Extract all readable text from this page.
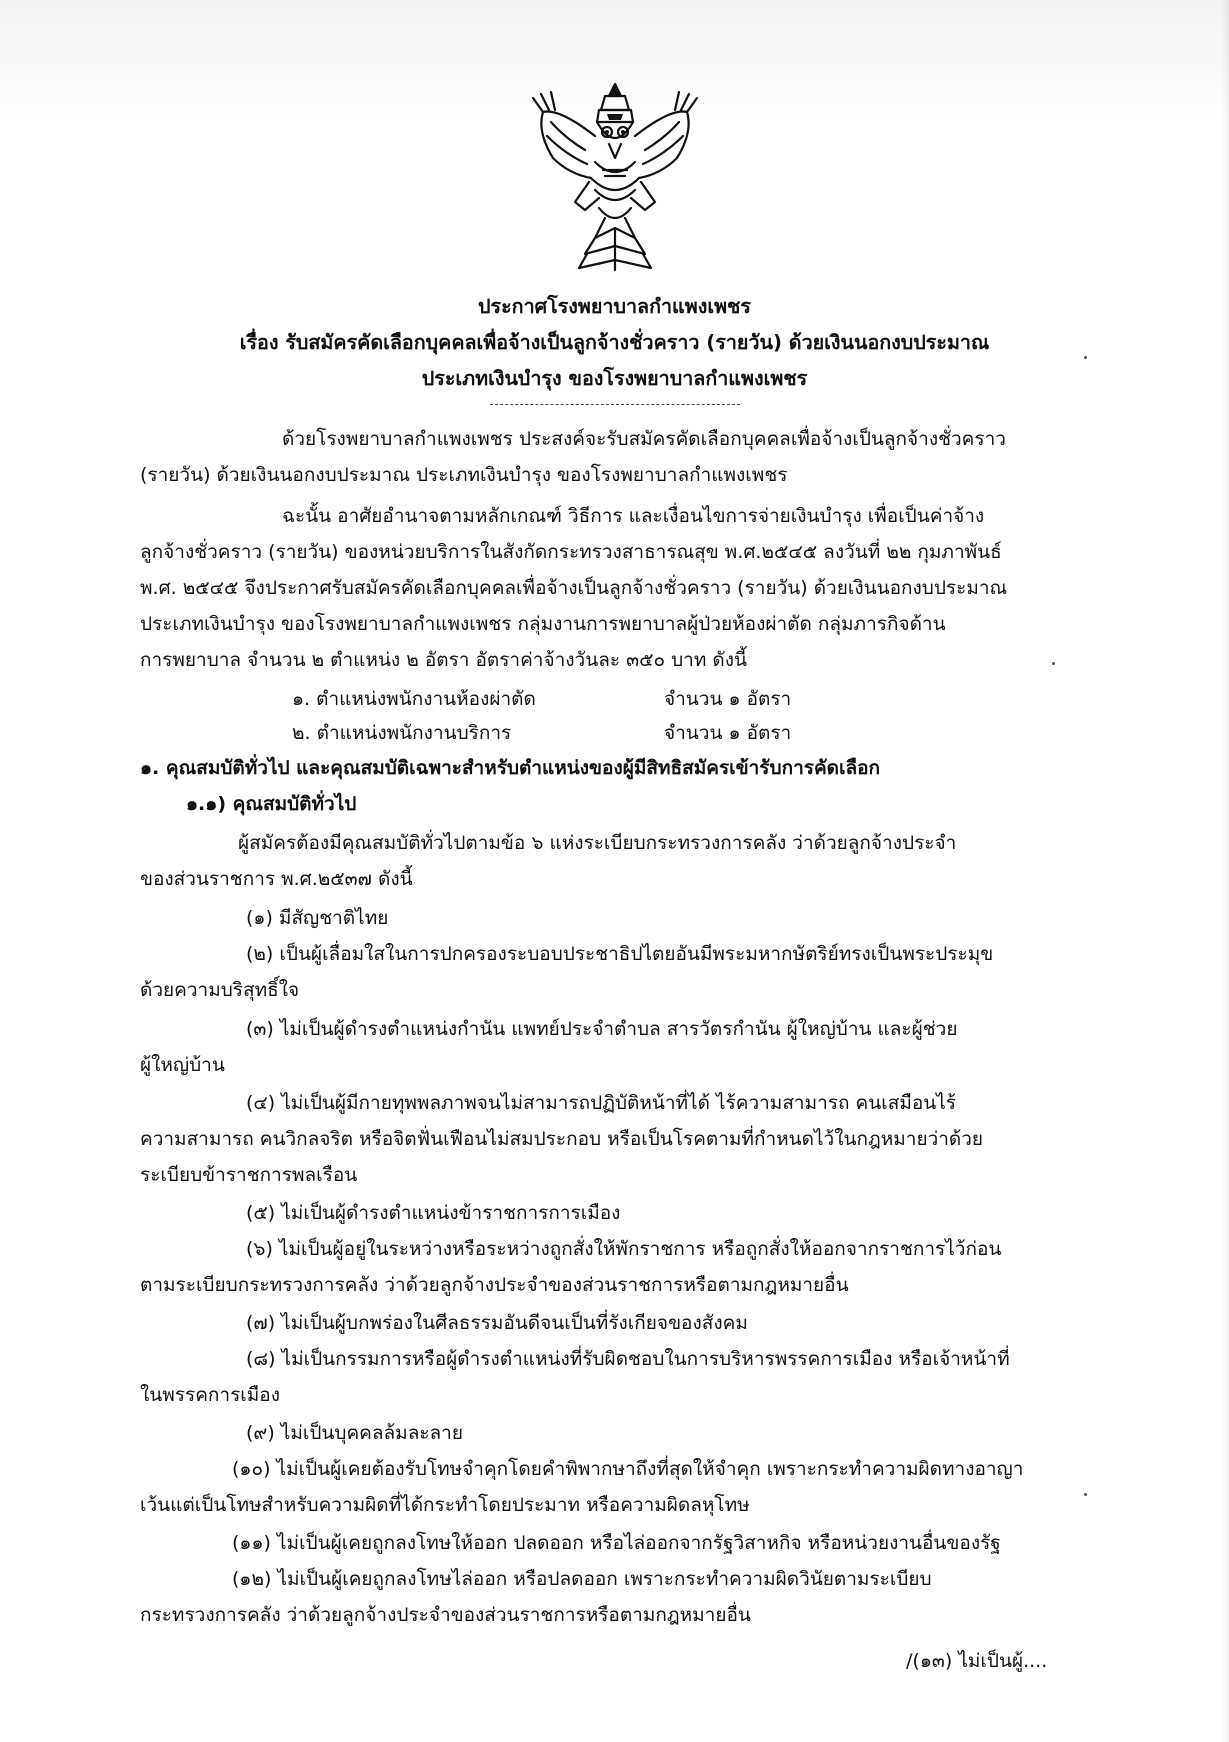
ประกาศโรงพยาบาลกำแพงเพชร
เรื่อง รับสมัครคัดเลือกบุคคลเพื่อจ้างเป็นลูกจ้างชั่วคราว (รายวัน) ด้วยเงินนอกงบประมาณ
ประเภทเงินบำรุง ของโรงพยาบาลกำแพงเพชร
ด้วยโรงพยาบาลกำแพงเพชร ประสงค์จะรับสมัครคัดเลือกบุคคลเพื่อจ้างเป็นลูกจ้างชั่วคราว
(รายวัน) ด้วยเงินนอกงบประมาณ ประเภทเงินบำรุง ของโรงพยาบาลกำแพงเพชร
ฉะนั้น อาศัยอำนาจตามหลักเกณฑ์ วิธีการ และเงื่อนไขการจ่ายเงินบำรุง เพื่อเป็นค่าจ้าง
ลูกจ้างชั่วคราว (รายวัน) ของหน่วยบริการในสังกัดกระทรวงสาธารณสุข พ.ศ.๒๕๔๕ ลงวันที่ ๒๒ กุมภาพันธ์
พ.ศ. ๒๕๔๕ จึงประกาศรับสมัครคัดเลือกบุคคลเพื่อจ้างเป็นลูกจ้างชั่วคราว (รายวัน) ด้วยเงินนอกงบประมาณ
ประเภทเงินบำรุง ของโรงพยาบาลกำแพงเพชร กลุ่มงานการพยาบาลผู้ป่วยห้องผ่าตัด กลุ่มภารกิจด้าน
การพยาบาล จำนวน ๒ ตำแหน่ง ๒ อัตรา อัตราค่าจ้างวันละ ๓๕๐ บาท ดังนี้
๑. ตำแหน่งพนักงานห้องผ่าตัด	จำนวน ๑ อัตรา
๒. ตำแหน่งพนักงานบริการ	จำนวน ๑ อัตรา
๑. คุณสมบัติทั่วไป และคุณสมบัติเฉพาะสำหรับตำแหน่งของผู้มีสิทธิสมัครเข้ารับการคัดเลือก
๑.๑) คุณสมบัติทั่วไป
ผู้สมัครต้องมีคุณสมบัติทั่วไปตามข้อ ๖ แห่งระเบียบกระทรวงการคลัง ว่าด้วยลูกจ้างประจำ
ของส่วนราชการ พ.ศ.๒๕๓๗ ดังนี้
(๑) มีสัญชาติไทย
(๒) เป็นผู้เลื่อมใสในการปกครองระบอบประชาธิปไตยอันมีพระมหากษัตริย์ทรงเป็นพระประมุข
ด้วยความบริสุทธิ์ใจ
(๓) ไม่เป็นผู้ดำรงตำแหน่งกำนัน แพทย์ประจำตำบล สารวัตรกำนัน ผู้ใหญ่บ้าน และผู้ช่วย
ผู้ใหญ่บ้าน
(๔) ไม่เป็นผู้มีกายทุพพลภาพจนไม่สามารถปฏิบัติหน้าที่ได้ ไร้ความสามารถ คนเสมือนไร้
ความสามารถ คนวิกลจริต หรือจิตฟั่นเฟือนไม่สมประกอบ หรือเป็นโรคตามที่กำหนดไว้ในกฎหมายว่าด้วย
ระเบียบข้าราชการพลเรือน
(๕) ไม่เป็นผู้ดำรงตำแหน่งข้าราชการการเมือง
(๖) ไม่เป็นผู้อยู่ในระหว่างหรือระหว่างถูกสั่งให้พักราชการ หรือถูกสั่งให้ออกจากราชการไว้ก่อน
ตามระเบียบกระทรวงการคลัง ว่าด้วยลูกจ้างประจำของส่วนราชการหรือตามกฎหมายอื่น
(๗) ไม่เป็นผู้บกพร่องในศีลธรรมอันดีจนเป็นที่รังเกียจของสังคม
(๘) ไม่เป็นกรรมการหรือผู้ดำรงตำแหน่งที่รับผิดชอบในการบริหารพรรคการเมือง หรือเจ้าหน้าที่
ในพรรคการเมือง
(๙) ไม่เป็นบุคคลล้มละลาย
(๑๐) ไม่เป็นผู้เคยต้องรับโทษจำคุกโดยคำพิพากษาถึงที่สุดให้จำคุก เพราะกระทำความผิดทางอาญา
เว้นแต่เป็นโทษสำหรับความผิดที่ได้กระทำโดยประมาท หรือความผิดลหุโทษ
(๑๑) ไม่เป็นผู้เคยถูกลงโทษให้ออก ปลดออก หรือไล่ออกจากรัฐวิสาหกิจ หรือหน่วยงานอื่นของรัฐ
(๑๒) ไม่เป็นผู้เคยถูกลงโทษไล่ออก หรือปลดออก เพราะกระทำความผิดวินัยตามระเบียบ
กระทรวงการคลัง ว่าด้วยลูกจ้างประจำของส่วนราชการหรือตามกฎหมายอื่น
/(๑๓) ไม่เป็นผู้....
